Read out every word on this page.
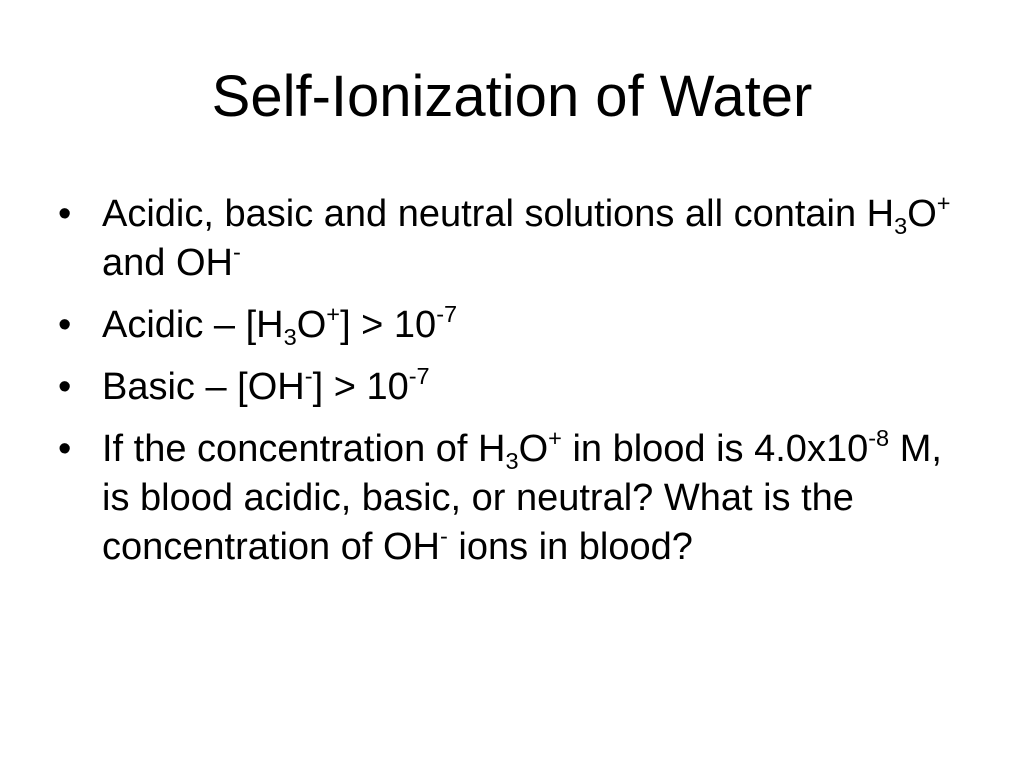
Self-Ionization of Water
• Acidic, basic and neutral solutions all contain $H_3O^+$ and OH-
• Acidic – $[H_3O^+] > 10^{-7}$
• Basic – $[OH^-] > 10^{-7}$
• If the concentration of $H_3O^+$ in blood is $4.0x10^{-8}$ M, is blood acidic, basic, or neutral? What is the concentration of OH- ions in blood?
